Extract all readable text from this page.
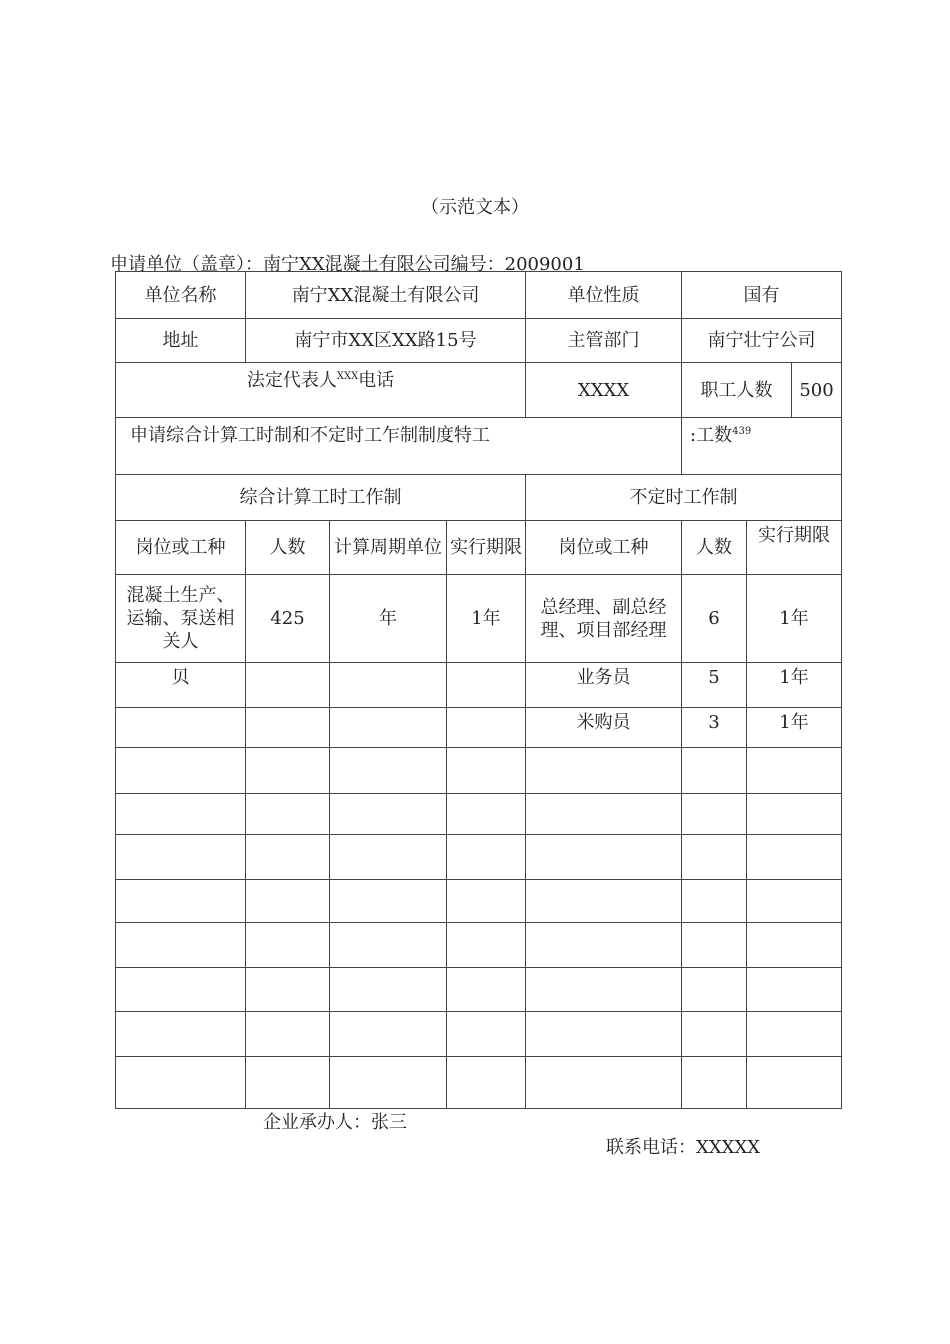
（示范文本）
申请单位（盖章）：南宁XX混凝土有限公司编号：2009001
单位名称	南宁XX混凝土有限公司	单位性质	国有
地址	南宁市XX区XX路15号	主管部门	南宁壮宁公司
法定代表人$^{XXX}$电话	XXXX		职工人数	500

申请综合计算工时制和不定时工乍制制度特工	:工数$^{439}$
综合计算工时工作制	不定时工作制
岗位或工种	人数	计算周期单位	实行期限	岗位或工种	人数	实行期限
混凝土生产、运输、泵送相关人	425	年	1年	总经理、副总经理、项目部经理	6	1年
贝				业务员	5	1年
				米购员	3	1年

企业承办人：张三
联系电话：XXXXX
